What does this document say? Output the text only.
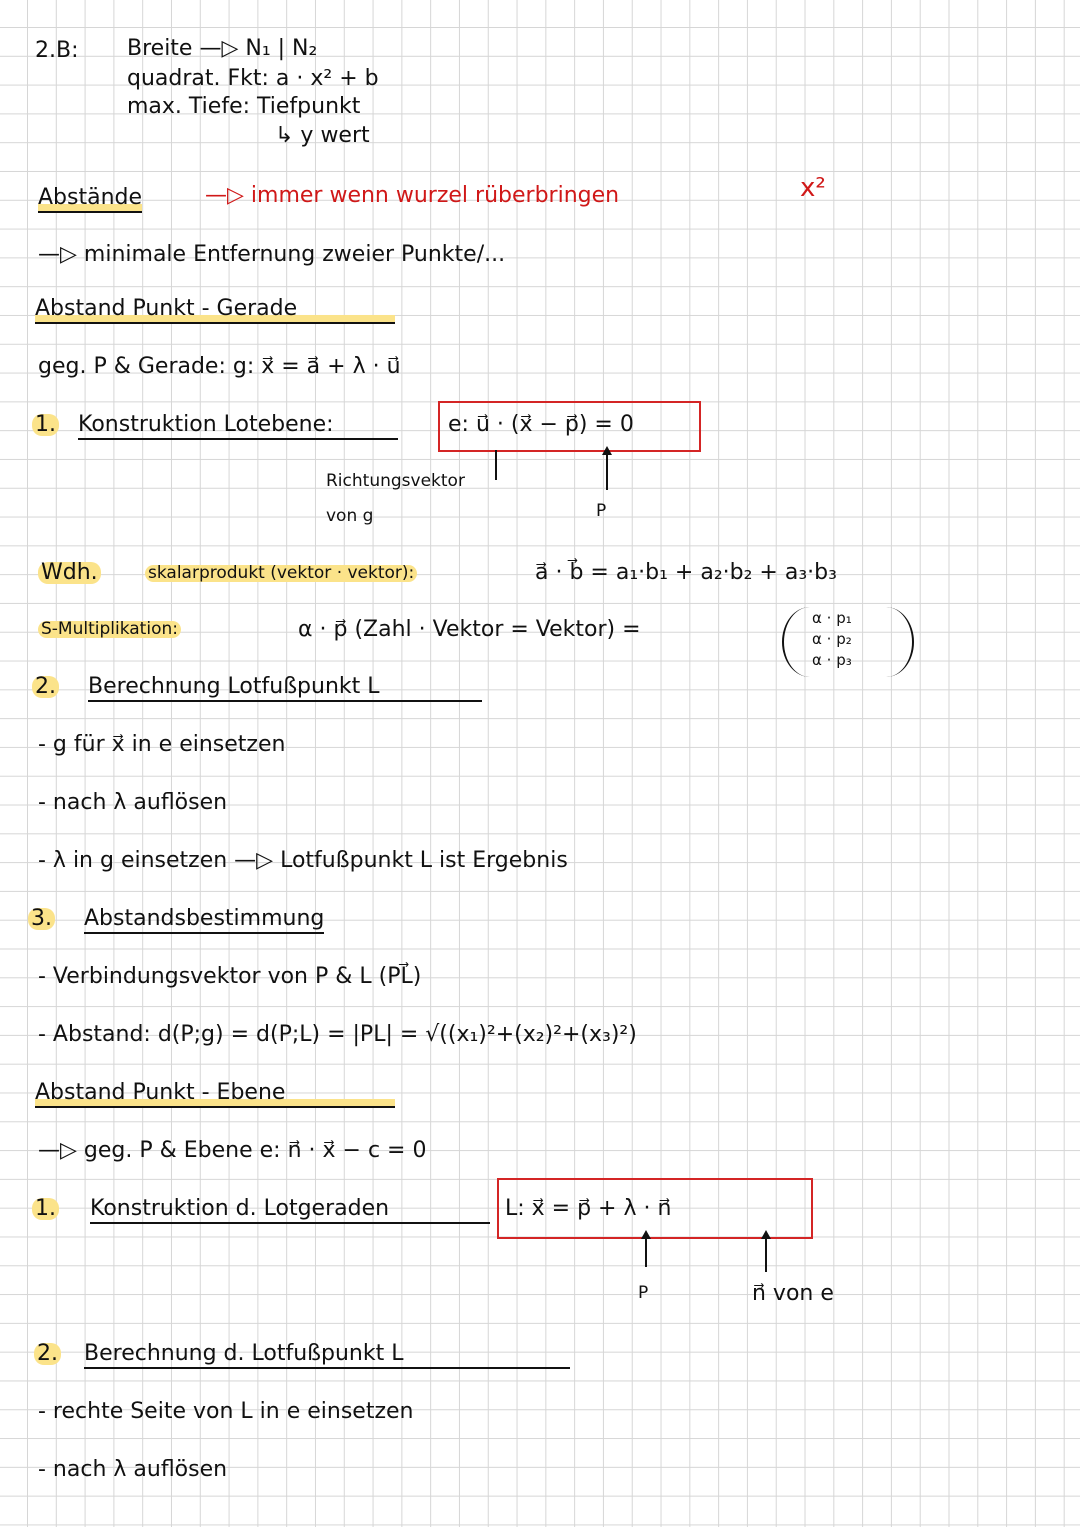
2.B: Breite —▷ N₁ | N₂
quadrat. Fkt: a · x² + b
max. Tiefe: Tiefpunkt
↳ y wert
Abstände	—▷ immer wenn wurzel rüberbringen	x²
—▷ minimale Entfernung zweier Punkte/...
Abstand Punkt - Gerade
geg. P & Gerade: g: x⃗ = a⃗ + λ · u⃗
1. Konstruktion Lotebene:	e: u⃗ · (x⃗ − p⃗) = 0
Richtungsvektor
von g	P
Wdh.	skalarprodukt (vektor · vektor):	a⃗ · b⃗ = a₁·b₁ + a₂·b₂ + a₃·b₃
S-Multiplikation:	α · p⃗ (Zahl · Vektor = Vektor) =	α · p₁
α · p₂
α · p₃
2. Berechnung Lotfußpunkt L
- g für x⃗ in e einsetzen
- nach λ auflösen
- λ in g einsetzen —▷ Lotfußpunkt L ist Ergebnis
3. Abstandsbestimmung
- Verbindungsvektor von P & L (PL⃗)
- Abstand: d(P;g) = d(P;L) = |PL| = √((x₁)²+(x₂)²+(x₃)²)
Abstand Punkt - Ebene
—▷ geg. P & Ebene e: n⃗ · x⃗ − c = 0
1. Konstruktion d. Lotgeraden	L: x⃗ = p⃗ + λ · n⃗
P	n⃗ von e
2. Berechnung d. Lotfußpunkt L
- rechte Seite von L in e einsetzen
- nach λ auflösen
